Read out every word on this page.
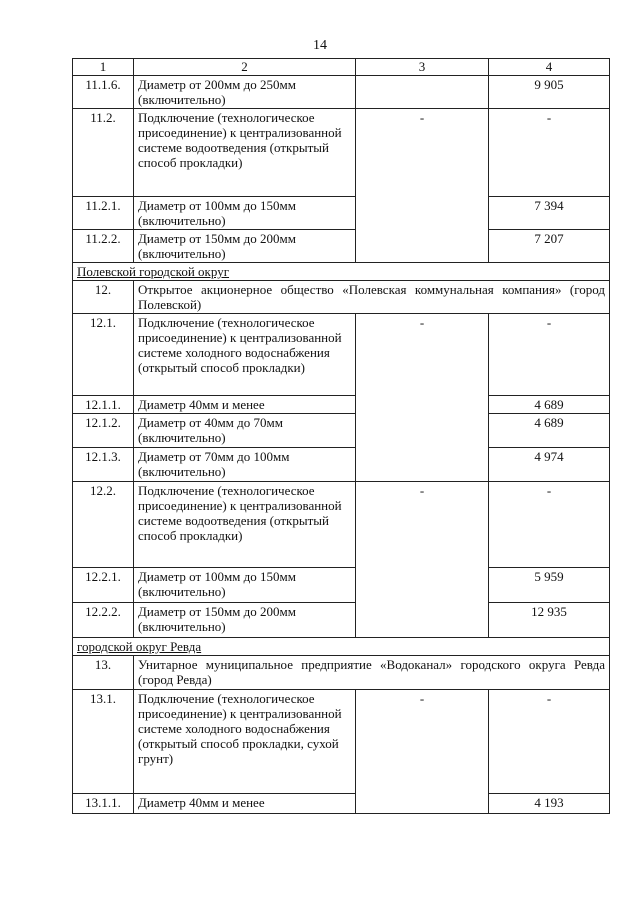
14
1	2	3	4
11.1.6.	Диаметр от 200мм до 250мм (включительно)		9 905
11.2.	Подключение (технологическое присоединение) к централизованной системе водоотведения (открытый способ прокладки)	-	-
11.2.1.	Диаметр от 100мм до 150мм (включительно)		7 394
11.2.2.	Диаметр от 150мм до 200мм (включительно)		7 207
Полевской городской округ			
12.	Открытое акционерное общество «Полевская коммунальная компания» (город Полевской)		
12.1.	Подключение (технологическое присоединение) к централизованной системе холодного водоснабжения (открытый способ прокладки)	-	-
12.1.1.	Диаметр 40мм и менее		4 689
12.1.2.	Диаметр от 40мм до 70мм (включительно)		4 689
12.1.3.	Диаметр от 70мм до 100мм (включительно)		4 974
12.2.	Подключение (технологическое присоединение) к централизованной системе водоотведения (открытый способ прокладки)	-	-
12.2.1.	Диаметр от 100мм до 150мм (включительно)		5 959
12.2.2.	Диаметр от 150мм до 200мм (включительно)		12 935
городской округ Ревда			
13.	Унитарное муниципальное предприятие «Водоканал» городского округа Ревда (город Ревда)		
13.1.	Подключение (технологическое присоединение) к централизованной системе холодного водоснабжения (открытый способ прокладки, сухой грунт)	-	-
13.1.1.	Диаметр 40мм и менее		4 193
